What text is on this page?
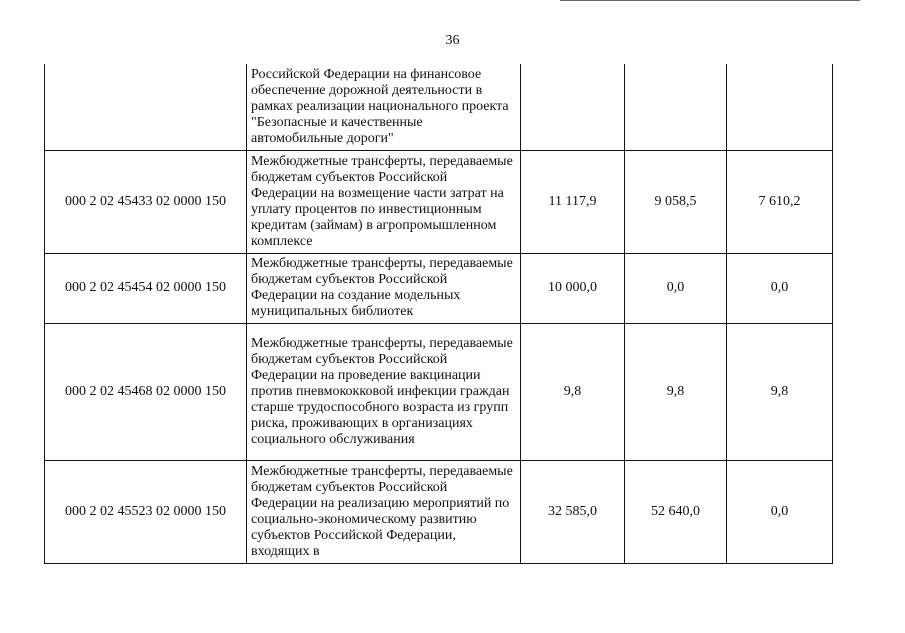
36
	Российской Федерации на финансовое обеспечение дорожной деятельности в рамках реализации национального проекта "Безопасные и качественные автомобильные дороги"			
000 2 02 45433 02 0000 150	Межбюджетные трансферты, передаваемые бюджетам субъектов Российской Федерации на возмещение части затрат на уплату процентов по инвестиционным кредитам (займам) в агропромышленном комплексе	11 117,9	9 058,5	7 610,2
000 2 02 45454 02 0000 150	Межбюджетные трансферты, передаваемые бюджетам субъектов Российской Федерации на создание модельных муниципальных библиотек	10 000,0	0,0	0,0
000 2 02 45468 02 0000 150	Межбюджетные трансферты, передаваемые бюджетам субъектов Российской Федерации на проведение вакцинации против пневмококковой инфекции граждан старше трудоспособного возраста из групп риска, проживающих в организациях социального обслуживания	9,8	9,8	9,8
000 2 02 45523 02 0000 150	Межбюджетные трансферты, передаваемые бюджетам субъектов Российской Федерации на реализацию мероприятий по социально-экономическому развитию субъектов Российской Федерации, входящих в	32 585,0	52 640,0	0,0
